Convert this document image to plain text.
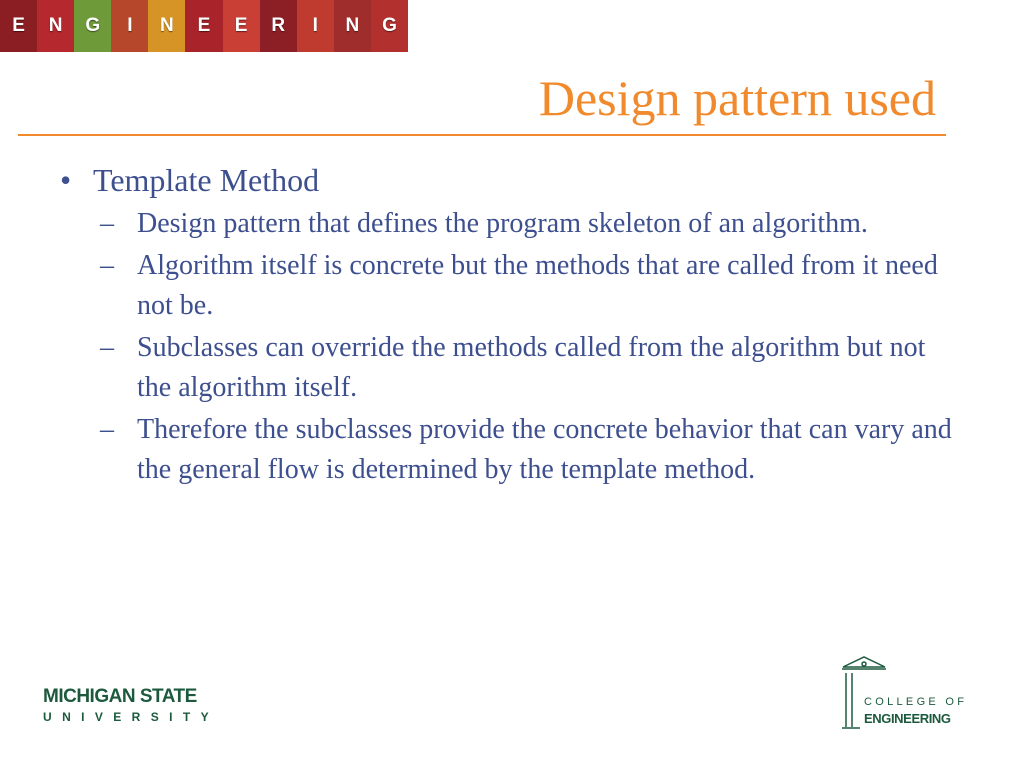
E	N	G	I	N	E	E	R	I	N	G
Design pattern used
• Template Method
– Design pattern that defines the program skeleton of an algorithm.
– Algorithm itself is concrete but the methods that are called from it need not be.
– Subclasses can override the methods called from the algorithm but not the algorithm itself.
– Therefore the subclasses provide the concrete behavior that can vary and the general flow is determined by the template method.
MICHIGAN STATE
UNIVERSITY
COLLEGE OF
ENGINEERING
